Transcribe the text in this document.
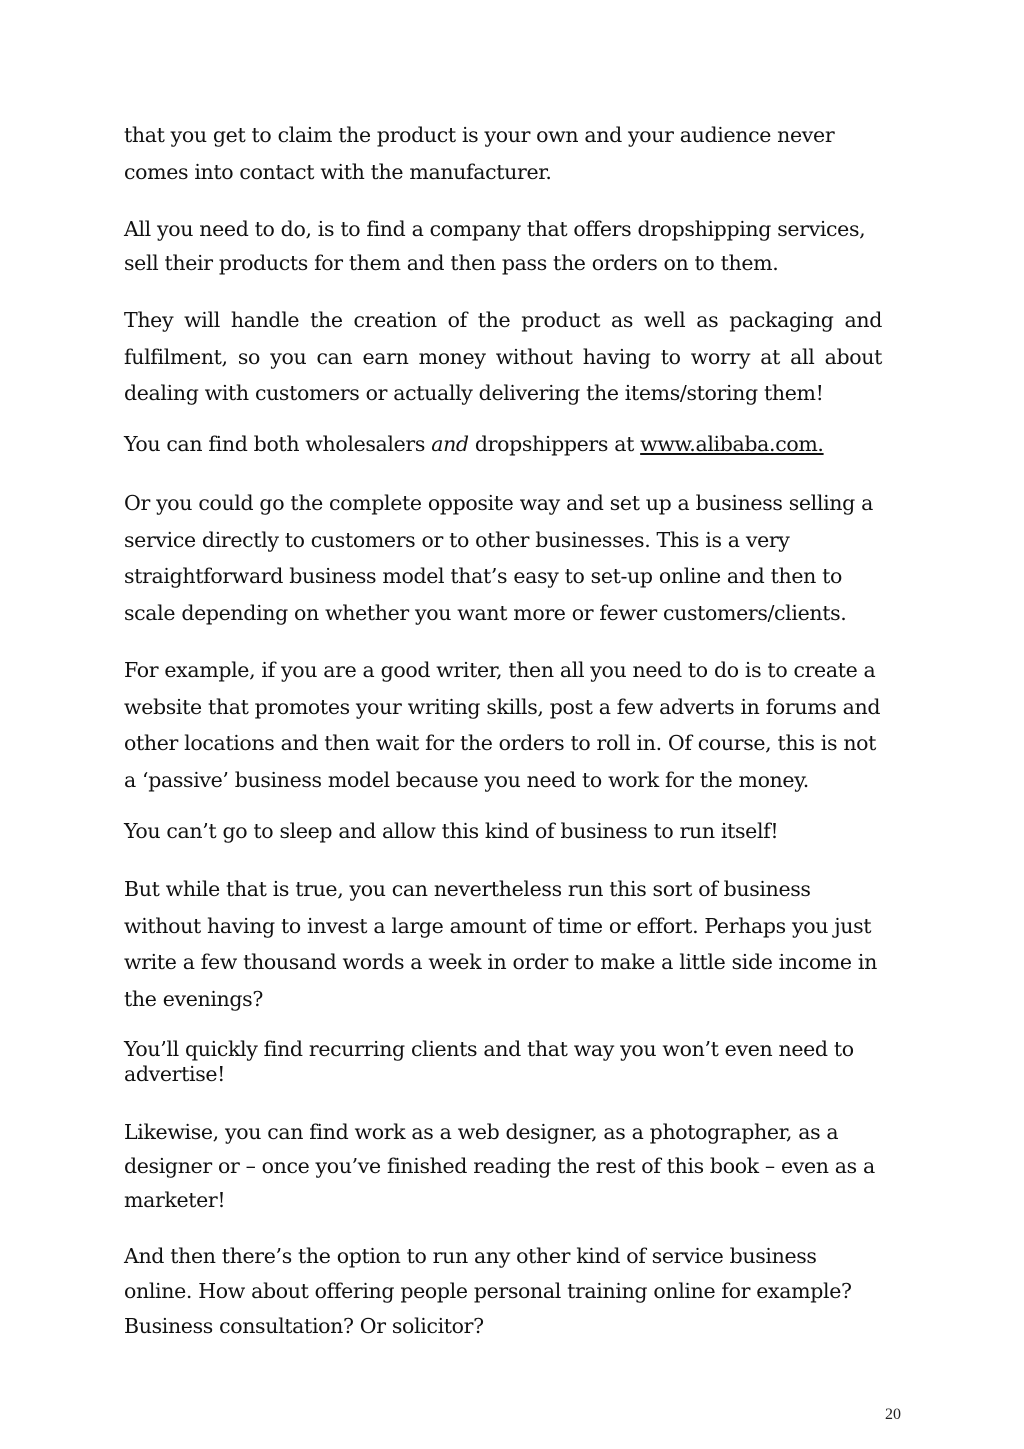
that you get to claim the product is your own and your audience never comes into contact with the manufacturer.

All you need to do, is to find a company that offers dropshipping services, sell their products for them and then pass the orders on to them.

They will handle the creation of the product as well as packaging and fulfilment, so you can earn money without having to worry at all about dealing with customers or actually delivering the items/storing them!

You can find both wholesalers and dropshippers at www.alibaba.com.

Or you could go the complete opposite way and set up a business selling a service directly to customers or to other businesses. This is a very straightforward business model that’s easy to set-up online and then to scale depending on whether you want more or fewer customers/clients.

For example, if you are a good writer, then all you need to do is to create a website that promotes your writing skills, post a few adverts in forums and other locations and then wait for the orders to roll in. Of course, this is not a ‘passive’ business model because you need to work for the money.

You can’t go to sleep and allow this kind of business to run itself!

But while that is true, you can nevertheless run this sort of business without having to invest a large amount of time or effort. Perhaps you just write a few thousand words a week in order to make a little side income in the evenings?

You’ll quickly find recurring clients and that way you won’t even need to advertise!

Likewise, you can find work as a web designer, as a photographer, as a designer or – once you’ve finished reading the rest of this book – even as a marketer!

And then there’s the option to run any other kind of service business online. How about offering people personal training online for example? Business consultation? Or solicitor?

20
